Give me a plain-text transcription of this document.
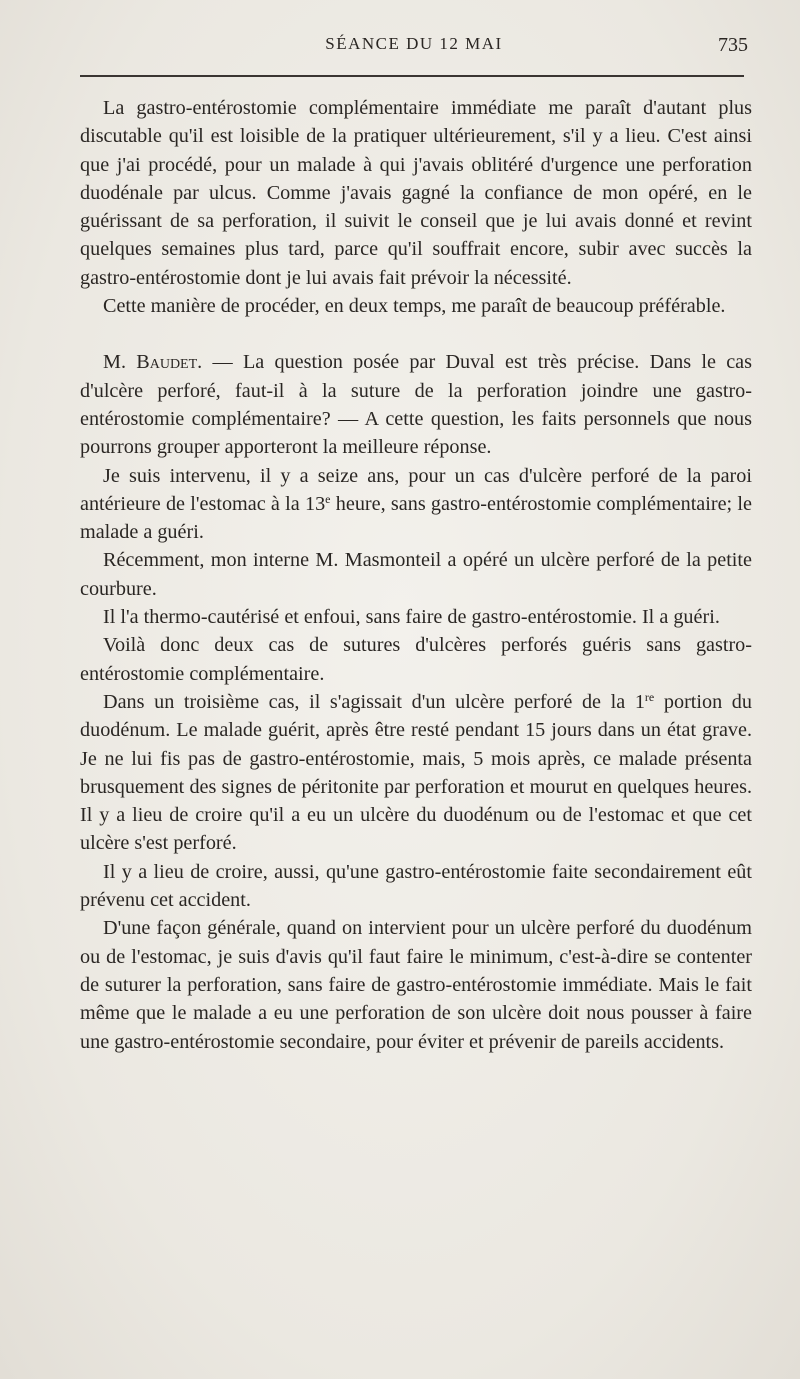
SÉANCE DU 12 MAI	735

La gastro-entérostomie complémentaire immédiate me paraît d'autant plus discutable qu'il est loisible de la pratiquer ultérieurement, s'il y a lieu. C'est ainsi que j'ai procédé, pour un malade à qui j'avais oblitéré d'urgence une perforation duodénale par ulcus. Comme j'avais gagné la confiance de mon opéré, en le guérissant de sa perforation, il suivit le conseil que je lui avais donné et revint quelques semaines plus tard, parce qu'il souffrait encore, subir avec succès la gastro-entérostomie dont je lui avais fait prévoir la nécessité.

Cette manière de procéder, en deux temps, me paraît de beaucoup préférable.

M. Baudet. — La question posée par Duval est très précise. Dans le cas d'ulcère perforé, faut-il à la suture de la perforation joindre une gastro-entérostomie complémentaire? — A cette question, les faits personnels que nous pourrons grouper apporteront la meilleure réponse.

Je suis intervenu, il y a seize ans, pour un cas d'ulcère perforé de la paroi antérieure de l'estomac à la 13e heure, sans gastro-entérostomie complémentaire; le malade a guéri.

Récemment, mon interne M. Masmonteil a opéré un ulcère perforé de la petite courbure.

Il l'a thermo-cautérisé et enfoui, sans faire de gastro-entérostomie. Il a guéri.

Voilà donc deux cas de sutures d'ulcères perforés guéris sans gastro-entérostomie complémentaire.

Dans un troisième cas, il s'agissait d'un ulcère perforé de la 1re portion du duodénum. Le malade guérit, après être resté pendant 15 jours dans un état grave. Je ne lui fis pas de gastro-entérostomie, mais, 5 mois après, ce malade présenta brusquement des signes de péritonite par perforation et mourut en quelques heures. Il y a lieu de croire qu'il a eu un ulcère du duodénum ou de l'estomac et que cet ulcère s'est perforé.

Il y a lieu de croire, aussi, qu'une gastro-entérostomie faite secondairement eût prévenu cet accident.

D'une façon générale, quand on intervient pour un ulcère perforé du duodénum ou de l'estomac, je suis d'avis qu'il faut faire le minimum, c'est-à-dire se contenter de suturer la perforation, sans faire de gastro-entérostomie immédiate. Mais le fait même que le malade a eu une perforation de son ulcère doit nous pousser à faire une gastro-entérostomie secondaire, pour éviter et prévenir de pareils accidents.
